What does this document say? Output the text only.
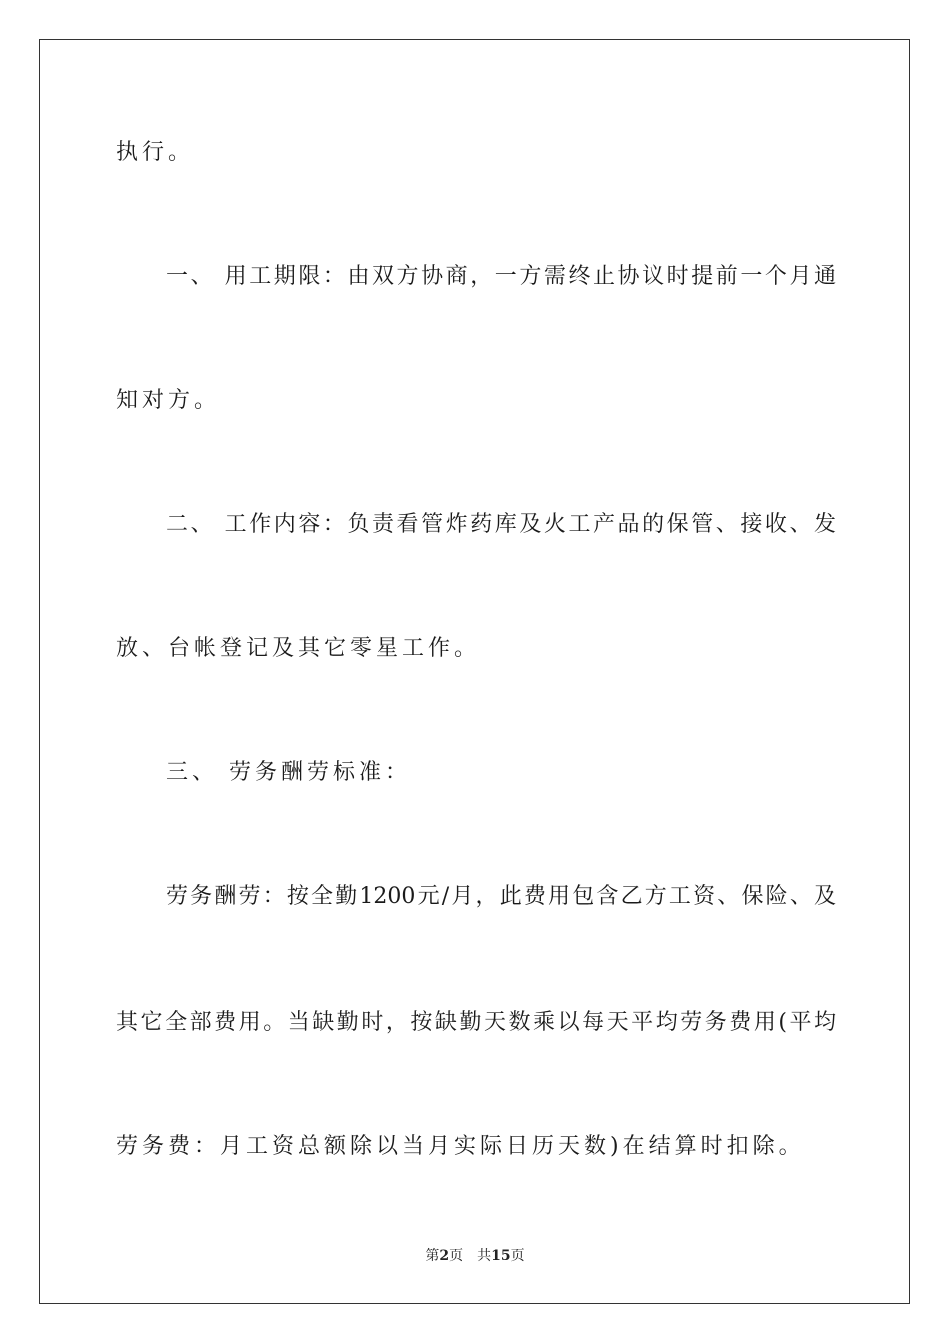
执行。
一、 用工期限：由双方协商，一方需终止协议时提前一个月通
知对方。
二、 工作内容：负责看管炸药库及火工产品的保管、接收、发
放、台帐登记及其它零星工作。
三、 劳务酬劳标准：
劳务酬劳：按全勤1200元/月，此费用包含乙方工资、保险、及
其它全部费用。当缺勤时，按缺勤天数乘以每天平均劳务费用(平均
劳务费：月工资总额除以当月实际日历天数)在结算时扣除。
第2页 共15页
